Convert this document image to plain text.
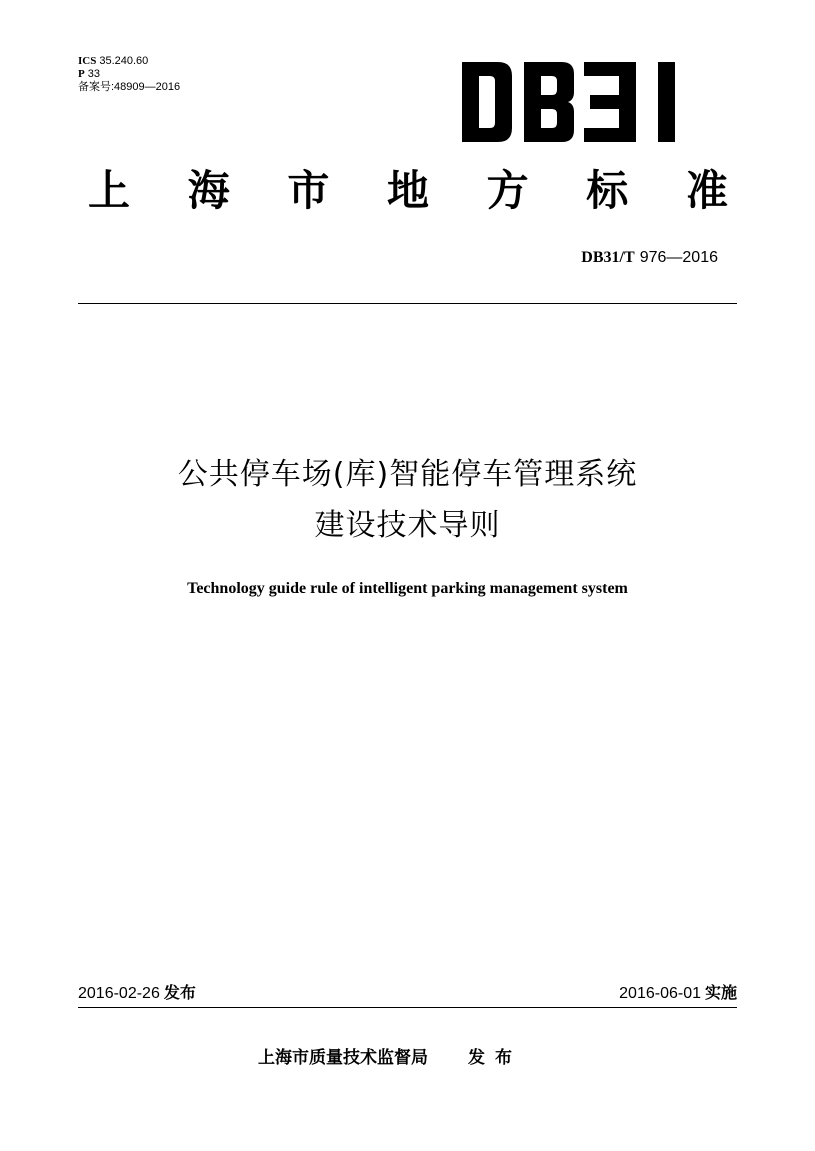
ICS 35.240.60
P 33
备案号:48909—2016
上 海 市 地 方 标 准
DB31/T 976—2016
公共停车场(库)智能停车管理系统
建设技术导则
Technology guide rule of intelligent parking management system
2016-02-26 发布	2016-06-01 实施
上海市质量技术监督局 发布
